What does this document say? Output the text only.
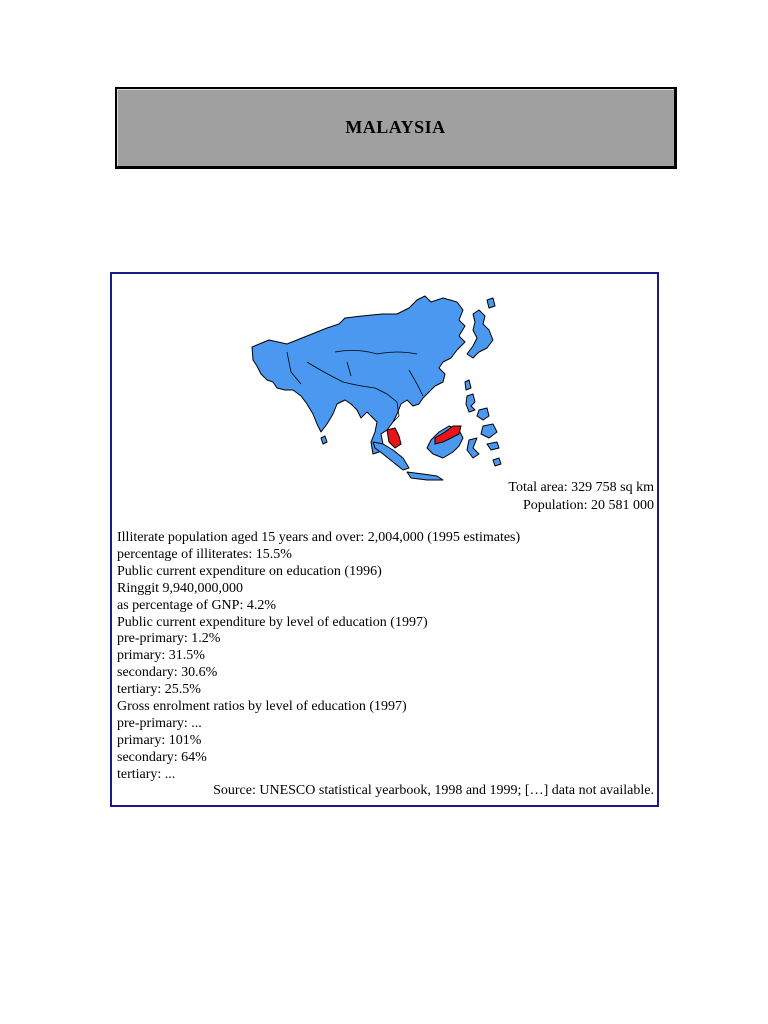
MALAYSIA
Total area: 329 758 sq km
Population: 20 581 000
Illiterate population aged 15 years and over: 2,004,000 (1995 estimates)
percentage of illiterates: 15.5%
Public current expenditure on education (1996)
Ringgit 9,940,000,000
as percentage of GNP: 4.2%
Public current expenditure by level of education (1997)
pre-primary: 1.2%
primary: 31.5%
secondary: 30.6%
tertiary: 25.5%
Gross enrolment ratios by level of education (1997)
pre-primary: ...
primary: 101%
secondary: 64%
tertiary: ...
Source: UNESCO statistical yearbook, 1998 and 1999; […] data not available.
